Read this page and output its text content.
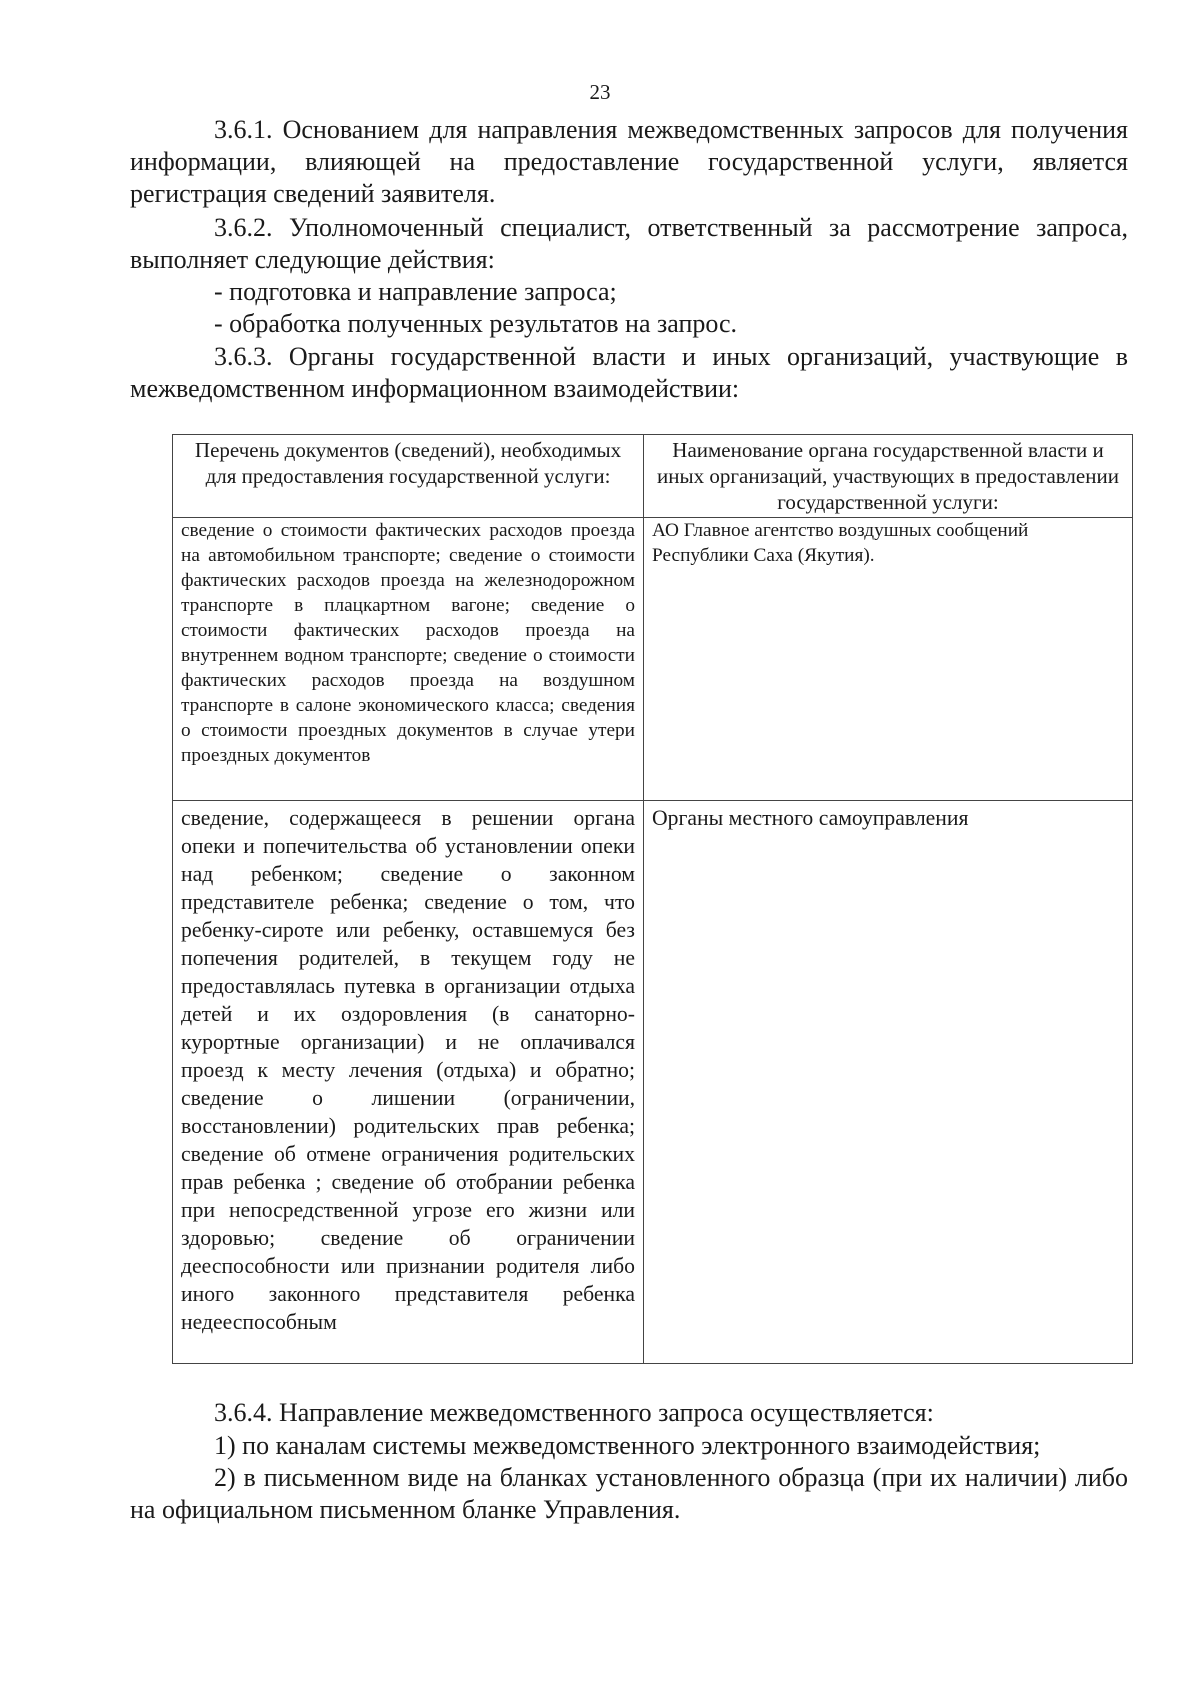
23
3.6.1. Основанием для направления межведомственных запросов для получения информации, влияющей на предоставление государственной услуги, является регистрация сведений заявителя.
3.6.2. Уполномоченный специалист, ответственный за рассмотрение запроса, выполняет следующие действия:
- подготовка и направление запроса;
- обработка полученных результатов на запрос.
3.6.3. Органы государственной власти и иных организаций, участвующие в межведомственном информационном взаимодействии:
Перечень документов (сведений), необходимых для предоставления государственной услуги:	Наименование органа государственной власти и иных организаций, участвующих в предоставлении государственной услуги:
сведение о стоимости фактических расходов проезда на автомобильном транспорте; сведение о стоимости фактических расходов проезда на железнодорожном транспорте в плацкартном вагоне; сведение о стоимости фактических расходов проезда на внутреннем водном транспорте; сведение о стоимости фактических расходов проезда на воздушном транспорте в салоне экономического класса; сведения о стоимости проездных документов в случае утери проездных документов	АО Главное агентство воздушных сообщений Республики Саха (Якутия).
сведение, содержащееся в решении органа опеки и попечительства об установлении опеки над ребенком; сведение о законном представителе ребенка; сведение о том, что ребенку-сироте или ребенку, оставшемуся без попечения родителей, в текущем году не предоставлялась путевка в организации отдыха детей и их оздоровления (в санаторно-курортные организации) и не оплачивался проезд к месту лечения (отдыха) и обратно; сведение о лишении (ограничении, восстановлении) родительских прав ребенка; сведение об отмене ограничения родительских прав ребенка ; сведение об отобрании ребенка при непосредственной угрозе его жизни или здоровью; сведение об ограничении дееспособности или признании родителя либо иного законного представителя ребенка недееспособным	Органы местного самоуправления
3.6.4. Направление межведомственного запроса осуществляется:
1) по каналам системы межведомственного электронного взаимодействия;
2) в письменном виде на бланках установленного образца (при их наличии) либо на официальном письменном бланке Управления.
